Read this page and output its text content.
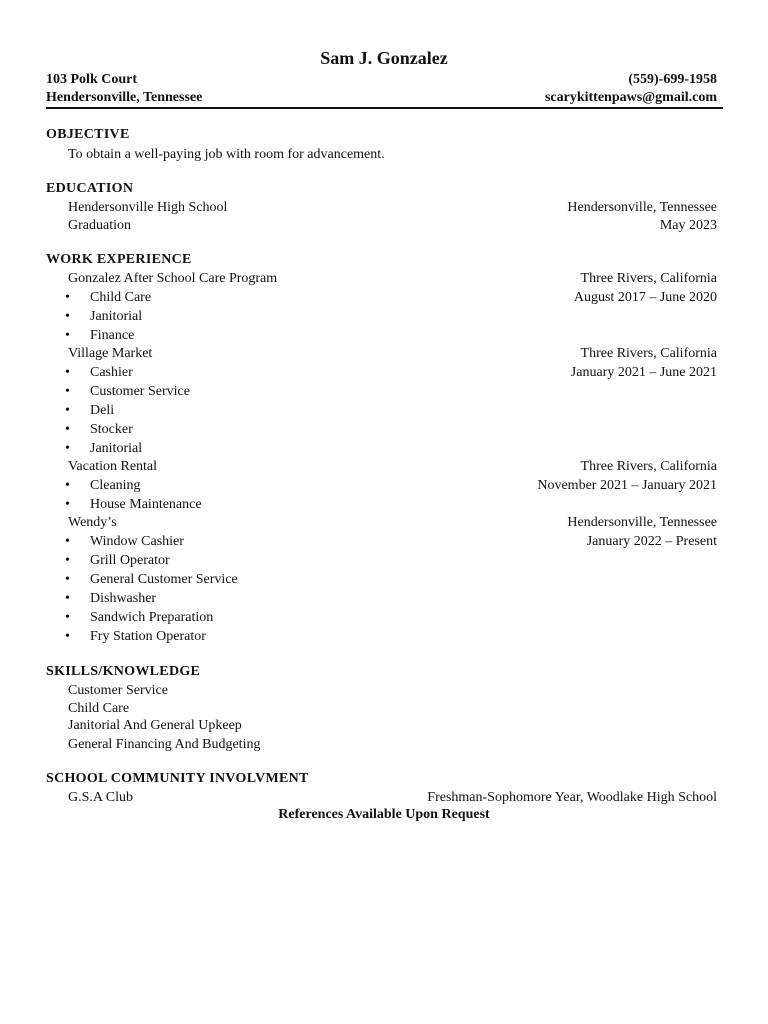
Sam J. Gonzalez
103 Polk Court	(559)-699-1958
Hendersonville, Tennessee	scarykittenpaws@gmail.com
OBJECTIVE
To obtain a well-paying job with room for advancement.
EDUCATION
Hendersonville High School	Hendersonville, Tennessee
Graduation	May 2023
WORK EXPERIENCE
Gonzalez After School Care Program	Three Rivers, California
•	Child Care	August 2017 – June 2020
•	Janitorial
•	Finance
Village Market	Three Rivers, California
•	Cashier	January 2021 – June 2021
•	Customer Service
•	Deli
•	Stocker
•	Janitorial
Vacation Rental	Three Rivers, California
•	Cleaning	November 2021 – January 2021
•	House Maintenance
Wendy’s	Hendersonville, Tennessee
•	Window Cashier	January 2022 – Present
•	Grill Operator
•	General Customer Service
•	Dishwasher
•	Sandwich Preparation
•	Fry Station Operator
SKILLS/KNOWLEDGE
Customer Service
Child Care
Janitorial And General Upkeep
General Financing And Budgeting
SCHOOL COMMUNITY INVOLVMENT
G.S.A Club	Freshman-Sophomore Year, Woodlake High School
References Available Upon Request
